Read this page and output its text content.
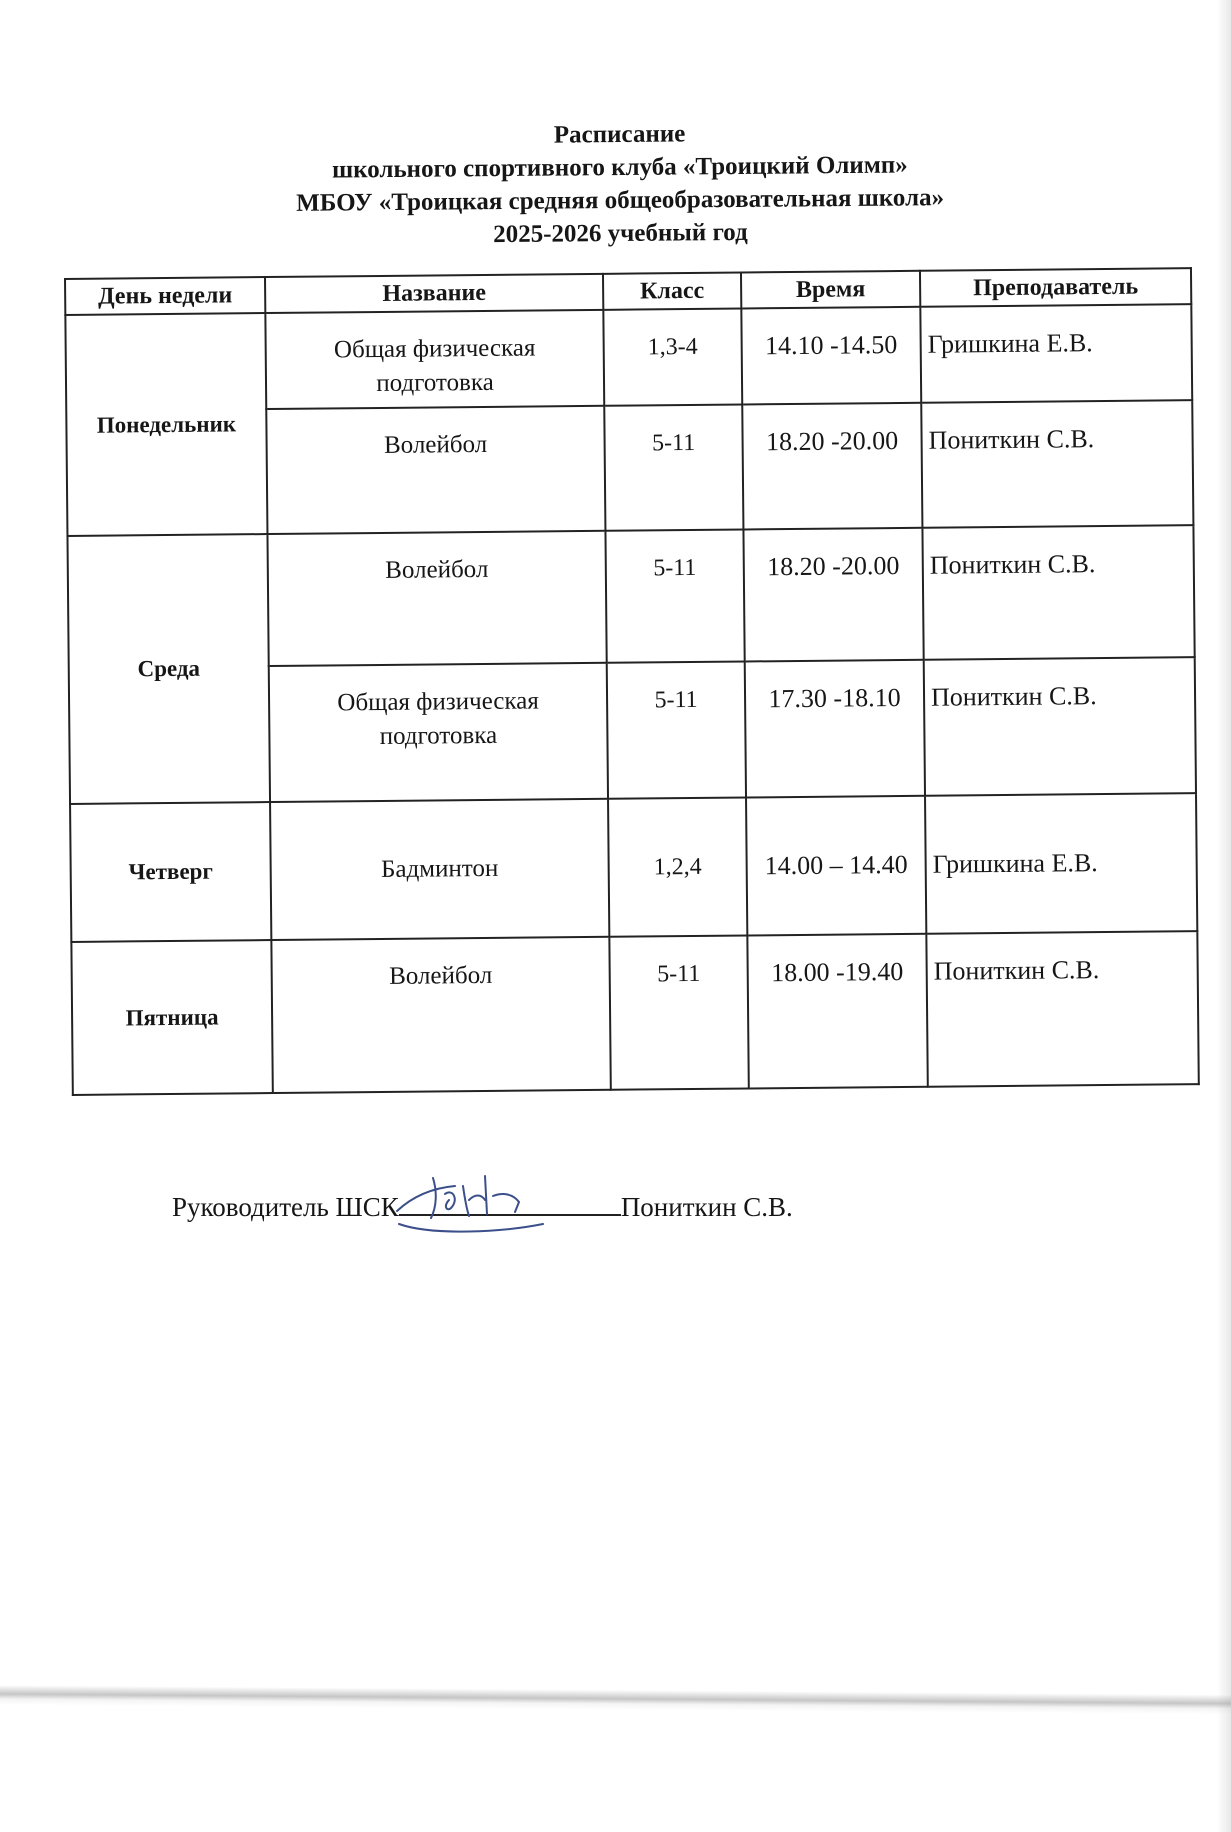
Расписание
школьного спортивного клуба «Троицкий Олимп»
МБОУ «Троицкая средняя общеобразовательная школа»
2025-2026 учебный год
День недели	Название	Класс	Время	Преподаватель
Понедельник	Общая физическая подготовка	1,3-4	14.10 -14.50	Гришкина Е.В.
	Волейбол	5-11	18.20 -20.00	Пониткин С.В.
Среда	Волейбол	5-11	18.20 -20.00	Пониткин С.В.
	Общая физическая подготовка	5-11	17.30 -18.10	Пониткин С.В.
Четверг	Бадминтон	1,2,4	14.00 – 14.40	Гришкина Е.В.
Пятница	Волейбол	5-11	18.00 -19.40	Пониткин С.В.
Руководитель ШСК	Пониткин С.В.
